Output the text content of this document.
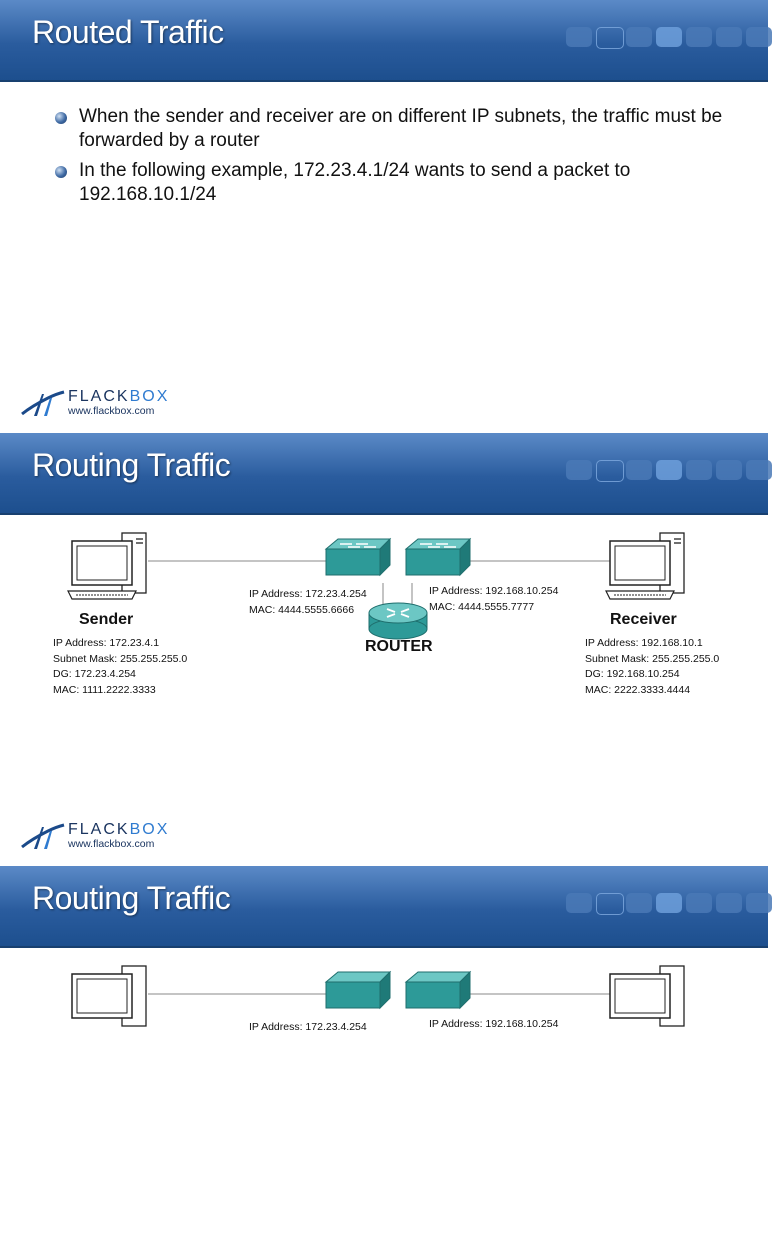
Routed Traffic
When the sender and receiver are on different IP subnets, the traffic must be forwarded by a router
In the following example, 172.23.4.1/24 wants to send a packet to 192.168.10.1/24
FLACKBOX
www.flackbox.com
Routing Traffic
Sender
IP Address: 172.23.4.1
Subnet Mask: 255.255.255.0
DG: 172.23.4.254
MAC: 1111.2222.3333
IP Address: 172.23.4.254
MAC: 4444.5555.6666
IP Address: 192.168.10.254
MAC: 4444.5555.7777
ROUTER
Receiver
IP Address: 192.168.10.1
Subnet Mask: 255.255.255.0
DG: 192.168.10.254
MAC: 2222.3333.4444
FLACKBOX
www.flackbox.com
Routing Traffic
IP Address: 172.23.4.254	IP Address: 192.168.10.254
